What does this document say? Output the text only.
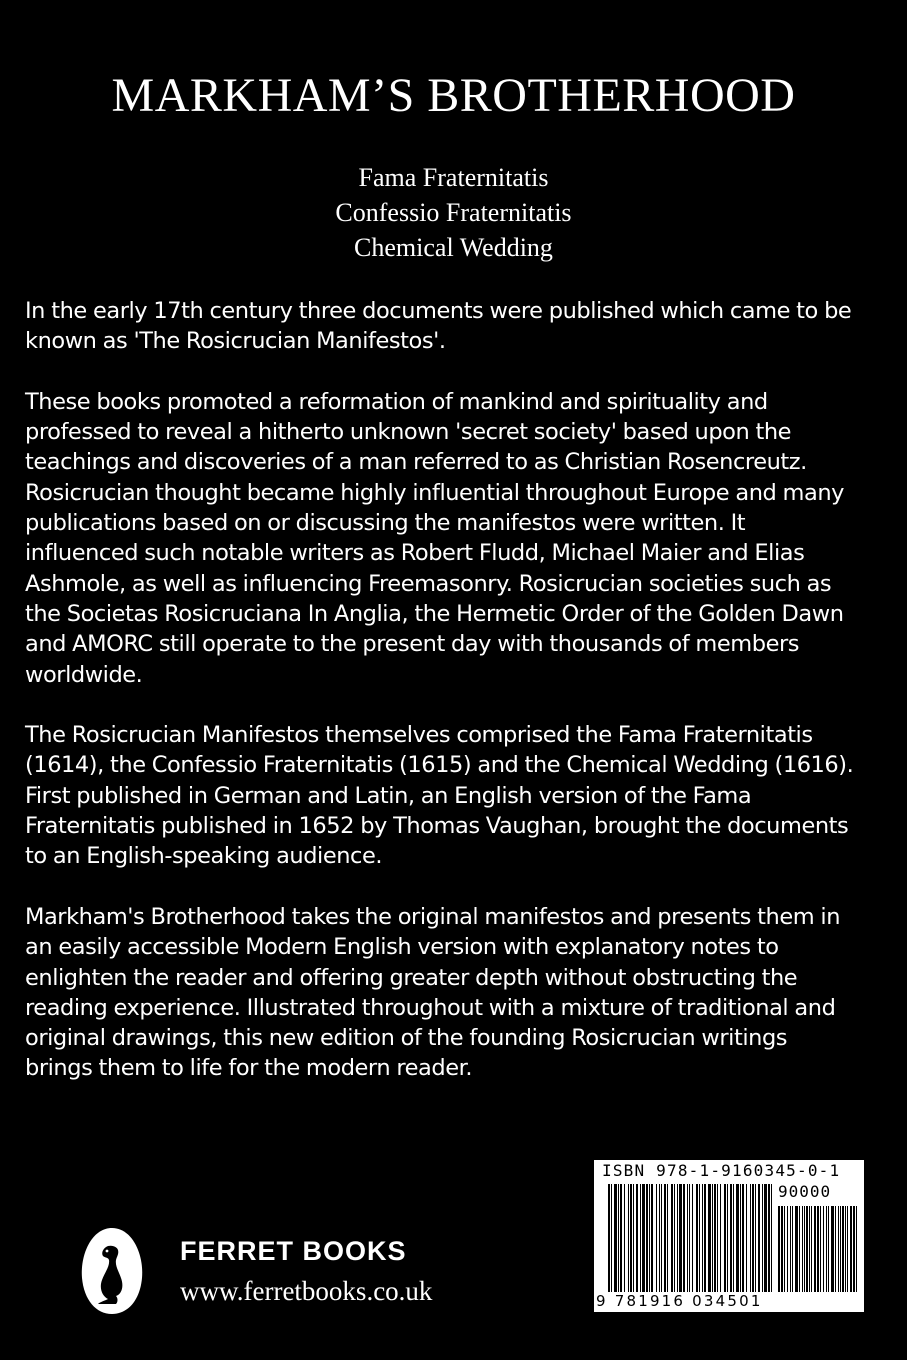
MARKHAM’S BROTHERHOOD
Fama Fraternitatis
Confessio Fraternitatis
Chemical Wedding

In the early 17th century three documents were published which came to be known as 'The Rosicrucian Manifestos'.

These books promoted a reformation of mankind and spirituality and professed to reveal a hitherto unknown 'secret society' based upon the teachings and discoveries of a man referred to as Christian Rosencreutz. Rosicrucian thought became highly influential throughout Europe and many publications based on or discussing the manifestos were written. It influenced such notable writers as Robert Fludd, Michael Maier and Elias Ashmole, as well as influencing Freemasonry. Rosicrucian societies such as the Societas Rosicruciana In Anglia, the Hermetic Order of the Golden Dawn and AMORC still operate to the present day with thousands of members worldwide.

The Rosicrucian Manifestos themselves comprised the Fama Fraternitatis (1614), the Confessio Fraternitatis (1615) and the Chemical Wedding (1616). First published in German and Latin, an English version of the Fama Fraternitatis published in 1652 by Thomas Vaughan, brought the documents to an English-speaking audience.

Markham's Brotherhood takes the original manifestos and presents them in an easily accessible Modern English version with explanatory notes to enlighten the reader and offering greater depth without obstructing the reading experience. Illustrated throughout with a mixture of traditional and original drawings, this new edition of the founding Rosicrucian writings brings them to life for the modern reader.

FERRET BOOKS
www.ferretbooks.co.uk
ISBN 978-1-9160345-0-1
90000
9 781916 034501
